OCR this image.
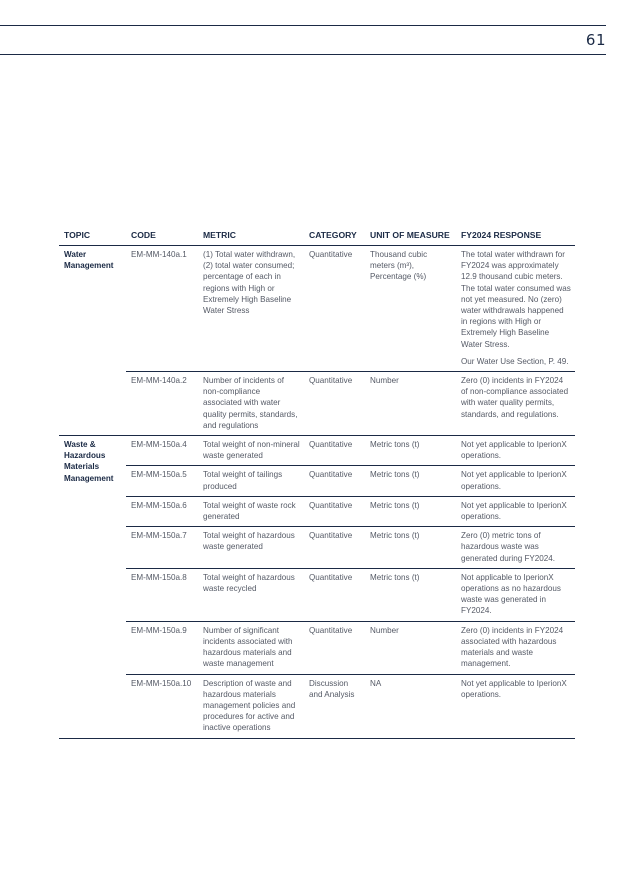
61
TOPIC	CODE	METRIC	CATEGORY	UNIT OF MEASURE	FY2024 RESPONSE
Water Management	EM-MM-140a.1	(1) Total water withdrawn, (2) total water consumed; percentage of each in regions with High or Extremely High Baseline Water Stress	Quantitative	Thousand cubic meters (m³), Percentage (%)	The total water withdrawn for FY2024 was approximately 12.9 thousand cubic meters. The total water consumed was not yet measured. No (zero) water withdrawals happened in regions with High or Extremely High Baseline Water Stress.
Our Water Use Section, P. 49.

	EM-MM-140a.2	Number of incidents of non-compliance associated with water quality permits, standards, and regulations	Quantitative	Number	Zero (0) incidents in FY2024 of non-compliance associated with water quality permits, standards, and regulations.
Waste & Hazardous Materials Management	EM-MM-150a.4	Total weight of non-mineral waste generated	Quantitative	Metric tons (t)	Not yet applicable to IperionX operations.
	EM-MM-150a.5	Total weight of tailings produced	Quantitative	Metric tons (t)	Not yet applicable to IperionX operations.
	EM-MM-150a.6	Total weight of waste rock generated	Quantitative	Metric tons (t)	Not yet applicable to IperionX operations.
	EM-MM-150a.7	Total weight of hazardous waste generated	Quantitative	Metric tons (t)	Zero (0) metric tons of hazardous waste was generated during FY2024.
	EM-MM-150a.8	Total weight of hazardous waste recycled	Quantitative	Metric tons (t)	Not applicable to IperionX operations as no hazardous waste was generated in FY2024.
	EM-MM-150a.9	Number of significant incidents associated with hazardous materials and waste management	Quantitative	Number	Zero (0) incidents in FY2024 associated with hazardous materials and waste management.
	EM-MM-150a.10	Description of waste and hazardous materials management policies and procedures for active and inactive operations	Discussion and Analysis	NA	Not yet applicable to IperionX operations.
